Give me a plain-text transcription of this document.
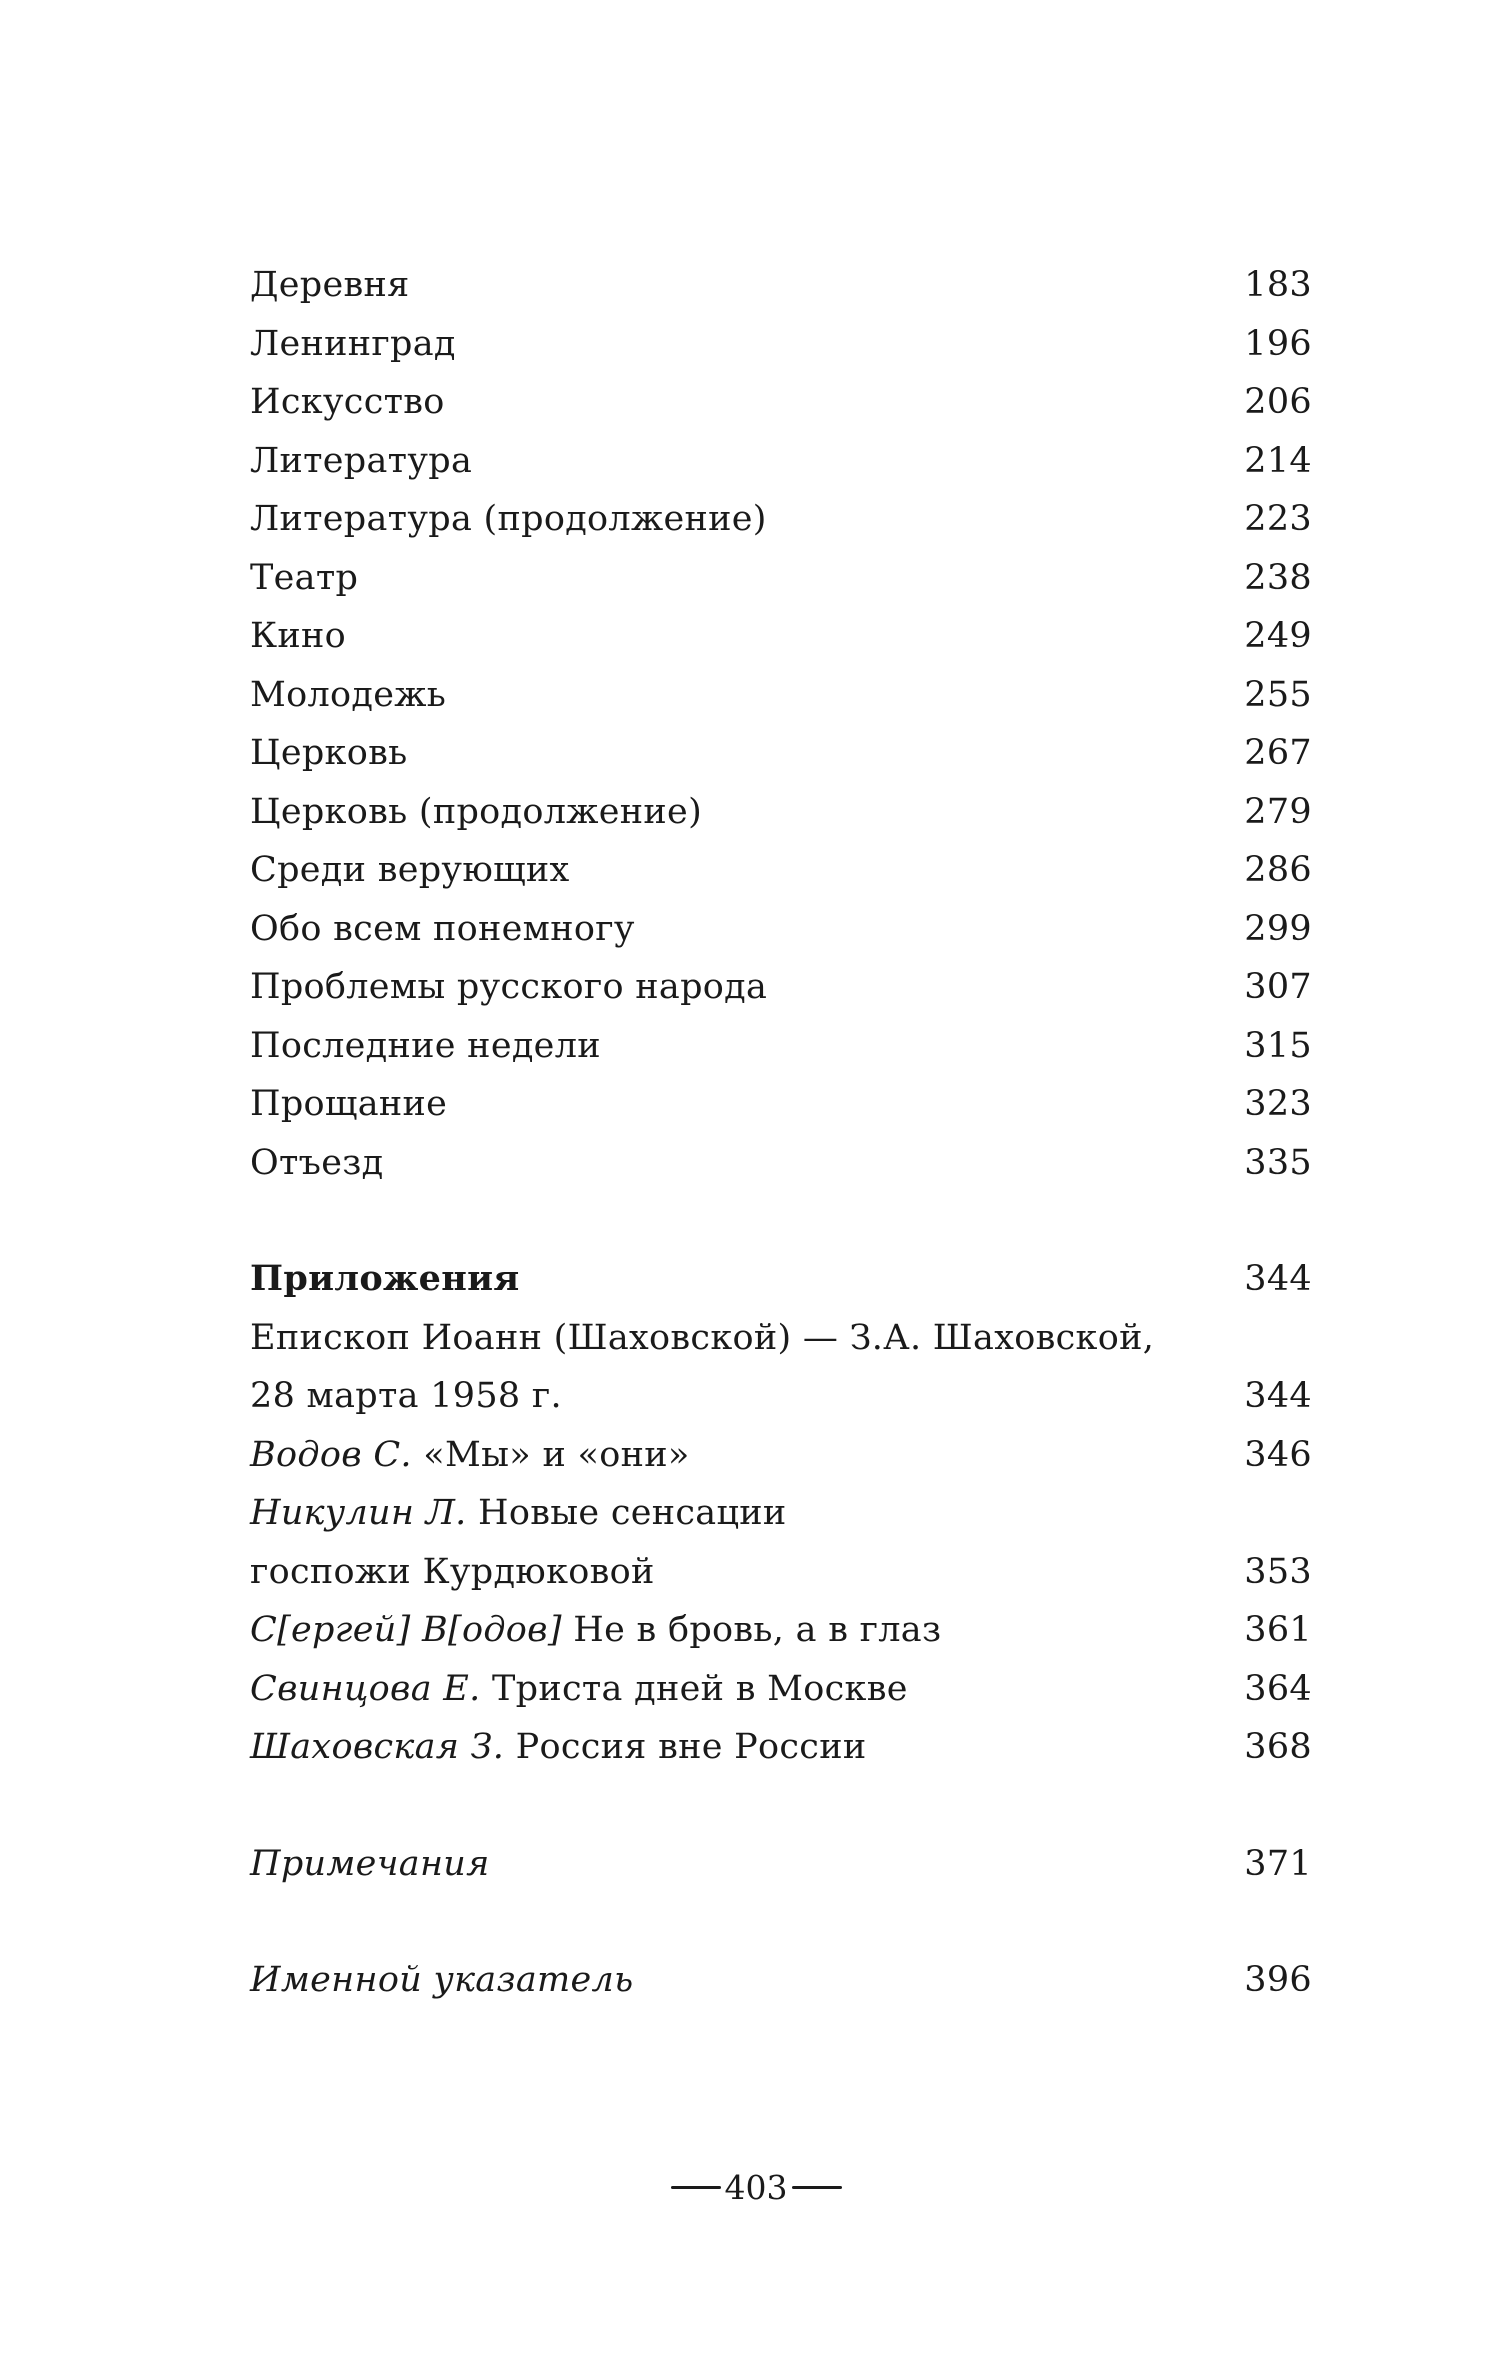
Деревня . . .	183
Ленинград . . .	196
Искусство . . .	206
Литература . . .	214
Литература (продолжение) . . .	223
Театр . . .	238
Кино . . .	249
Молодежь . . .	255
Церковь . . .	267
Церковь (продолжение) . . .	279
Среди верующих . . .	286
Обо всем понемногу . . .	299
Проблемы русского народа . . .	307
Последние недели . . .	315
Прощание . . .	323
Отъезд . . .	335
Приложения . . .	344
Епископ Иоанн (Шаховской) — З.А. Шаховской,
28 марта 1958 г. . . .	344
Водов С. «Мы» и «они» . . .	346
Никулин Л. Новые сенсации
госпожи Курдюковой . . .	353
С[ергей] В[одов] Не в бровь, а в глаз . . .	361
Свинцова Е. Триста дней в Москве . . .	364
Шаховская З. Россия вне России . . .	368
Примечания . . .	371
Именной указатель . . .	396
403
